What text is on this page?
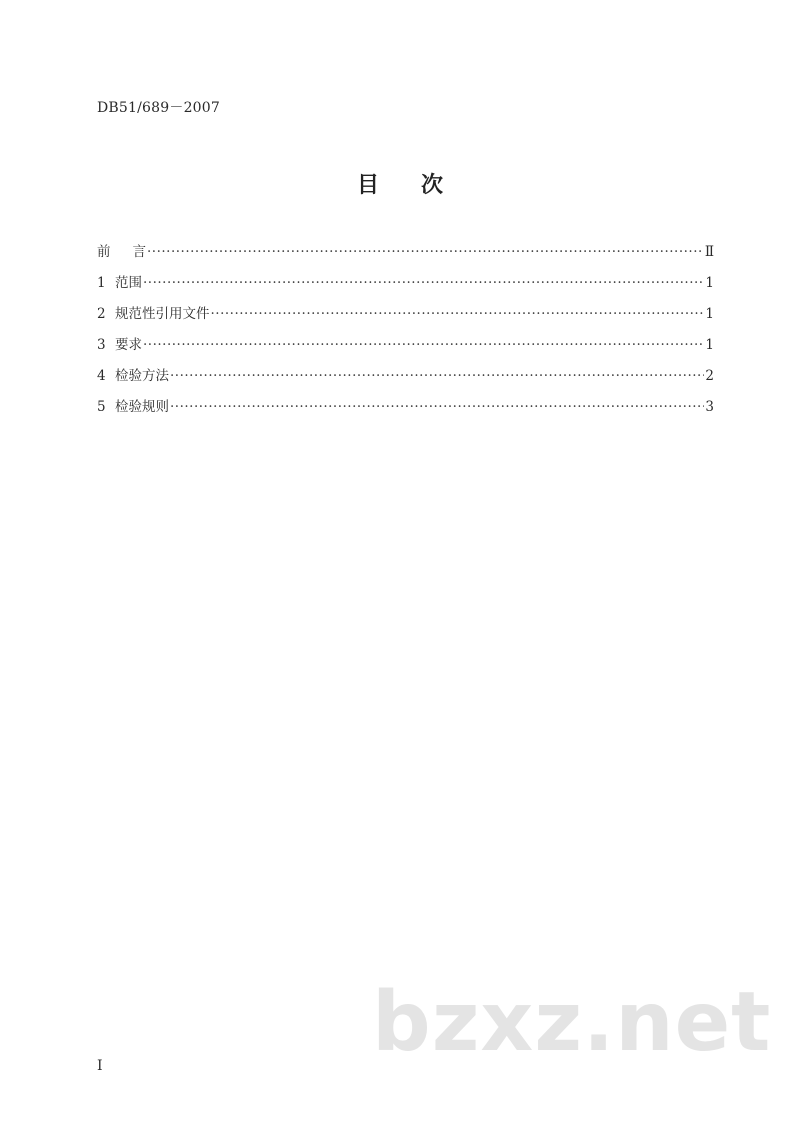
DB51/689－2007
目 次
前言 ·····	Ⅱ
1 范围 ·····	1
2 规范性引用文件 ·····	1
3 要求 ·····	1
4 检验方法 ·····	2
5 检验规则 ·····	3
bzxz.net
I
